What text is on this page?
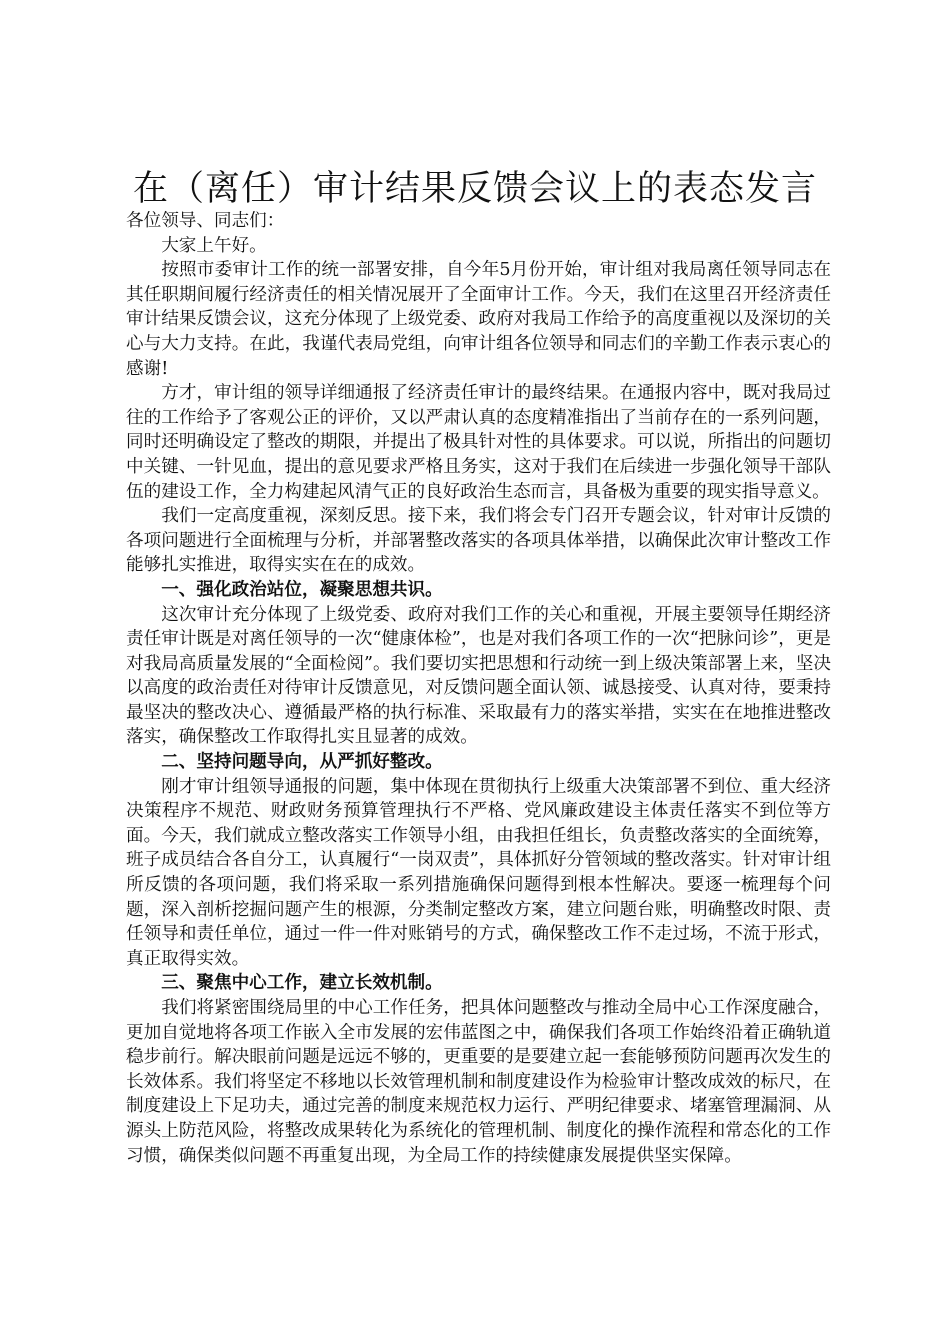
在（离任）审计结果反馈会议上的表态发言

各位领导、同志们：

大家上午好。

按照市委审计工作的统一部署安排，自今年5月份开始，审计组对我局离任领导同志在其任职期间履行经济责任的相关情况展开了全面审计工作。今天，我们在这里召开经济责任审计结果反馈会议，这充分体现了上级党委、政府对我局工作给予的高度重视以及深切的关心与大力支持。在此，我谨代表局党组，向审计组各位领导和同志们的辛勤工作表示衷心的感谢!

方才，审计组的领导详细通报了经济责任审计的最终结果。在通报内容中，既对我局过往的工作给予了客观公正的评价，又以严肃认真的态度精准指出了当前存在的一系列问题，同时还明确设定了整改的期限，并提出了极具针对性的具体要求。可以说，所指出的问题切中关键、一针见血，提出的意见要求严格且务实，这对于我们在后续进一步强化领导干部队伍的建设工作，全力构建起风清气正的良好政治生态而言，具备极为重要的现实指导意义。

我们一定高度重视，深刻反思。接下来，我们将会专门召开专题会议，针对审计反馈的各项问题进行全面梳理与分析，并部署整改落实的各项具体举措，以确保此次审计整改工作能够扎实推进，取得实实在在的成效。

一、强化政治站位，凝聚思想共识。

这次审计充分体现了上级党委、政府对我们工作的关心和重视，开展主要领导任期经济责任审计既是对离任领导的一次“健康体检”，也是对我们各项工作的一次“把脉问诊”，更是对我局高质量发展的“全面检阅”。我们要切实把思想和行动统一到上级决策部署上来，坚决以高度的政治责任对待审计反馈意见，对反馈问题全面认领、诚恳接受、认真对待，要秉持最坚决的整改决心、遵循最严格的执行标准、采取最有力的落实举措，实实在在地推进整改落实，确保整改工作取得扎实且显著的成效。

二、坚持问题导向，从严抓好整改。

刚才审计组领导通报的问题，集中体现在贯彻执行上级重大决策部署不到位、重大经济决策程序不规范、财政财务预算管理执行不严格、党风廉政建设主体责任落实不到位等方面。今天，我们就成立整改落实工作领导小组，由我担任组长，负责整改落实的全面统筹，班子成员结合各自分工，认真履行“一岗双责”，具体抓好分管领域的整改落实。针对审计组所反馈的各项问题，我们将采取一系列措施确保问题得到根本性解决。要逐一梳理每个问题，深入剖析挖掘问题产生的根源，分类制定整改方案，建立问题台账，明确整改时限、责任领导和责任单位，通过一件一件对账销号的方式，确保整改工作不走过场，不流于形式，真正取得实效。

三、聚焦中心工作，建立长效机制。

我们将紧密围绕局里的中心工作任务，把具体问题整改与推动全局中心工作深度融合，更加自觉地将各项工作嵌入全市发展的宏伟蓝图之中，确保我们各项工作始终沿着正确轨道稳步前行。解决眼前问题是远远不够的，更重要的是要建立起一套能够预防问题再次发生的长效体系。我们将坚定不移地以长效管理机制和制度建设作为检验审计整改成效的标尺，在制度建设上下足功夫，通过完善的制度来规范权力运行、严明纪律要求、堵塞管理漏洞、从源头上防范风险，将整改成果转化为系统化的管理机制、制度化的操作流程和常态化的工作习惯，确保类似问题不再重复出现，为全局工作的持续健康发展提供坚实保障。
